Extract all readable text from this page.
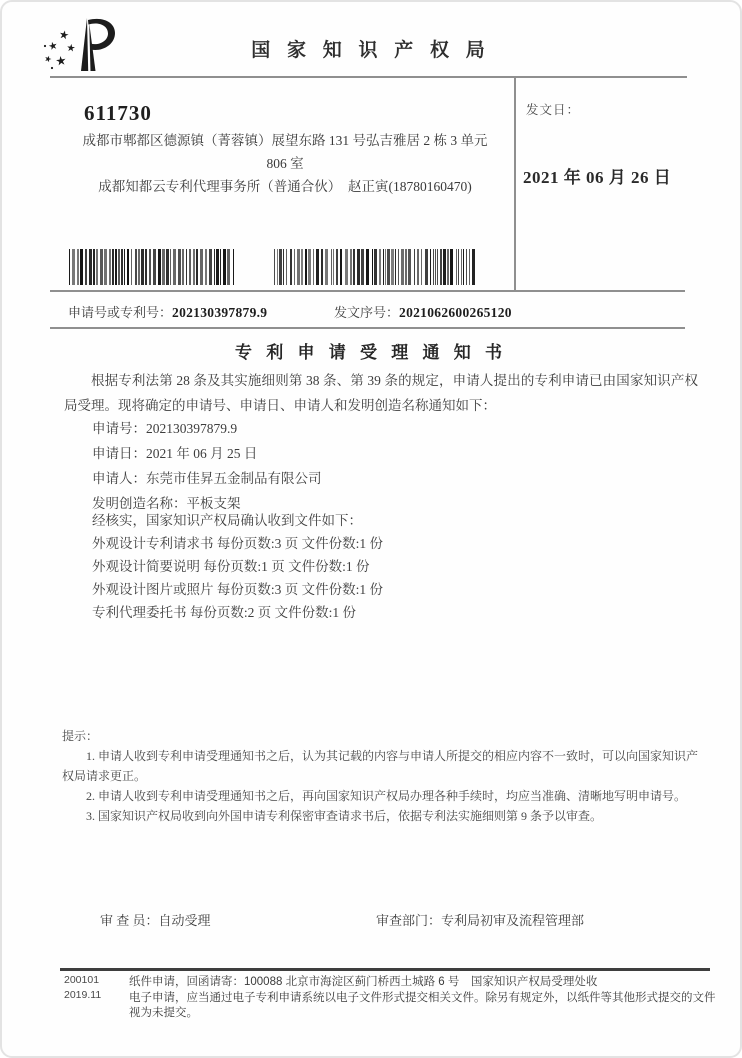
国 家 知 识 产 权 局
611730
成都市郫都区德源镇（菁蓉镇）展望东路 131 号弘吉雅居 2 栋 3 单元
806 室
成都知都云专利代理事务所（普通合伙）　赵正寅(18780160470)
发文日：
2021 年 06 月 26 日
申请号或专利号：202130397879.9	发文序号：2021062600265120
专 利 申 请 受 理 通 知 书
根据专利法第 28 条及其实施细则第 38 条、第 39 条的规定，申请人提出的专利申请已由国家知识产权局受理。现将确定的申请号、申请日、申请人和发明创造名称通知如下：
申请号：202130397879.9
申请日：2021 年 06 月 25 日
申请人：东莞市佳昇五金制品有限公司
发明创造名称：平板支架
经核实，国家知识产权局确认收到文件如下：
外观设计专利请求书 每份页数:3 页 文件份数:1 份
外观设计简要说明 每份页数:1 页 文件份数:1 份
外观设计图片或照片 每份页数:3 页 文件份数:1 份
专利代理委托书 每份页数:2 页 文件份数:1 份
提示：

1. 申请人收到专利申请受理通知书之后，认为其记载的内容与申请人所提交的相应内容不一致时，可以向国家知识产权局请求更正。

2. 申请人收到专利申请受理通知书之后，再向国家知识产权局办理各种手续时，均应当准确、清晰地写明申请号。

3. 国家知识产权局收到向外国申请专利保密审查请求书后，依据专利法实施细则第 9 条予以审查。

审 查 员：自动受理	审查部门：专利局初审及流程管理部
200101
2019.11
纸件申请，回函请寄：100088 北京市海淀区蓟门桥西土城路 6 号　国家知识产权局受理处收
电子申请，应当通过电子专利申请系统以电子文件形式提交相关文件。除另有规定外，以纸件等其他形式提交的文件视为未提交。
